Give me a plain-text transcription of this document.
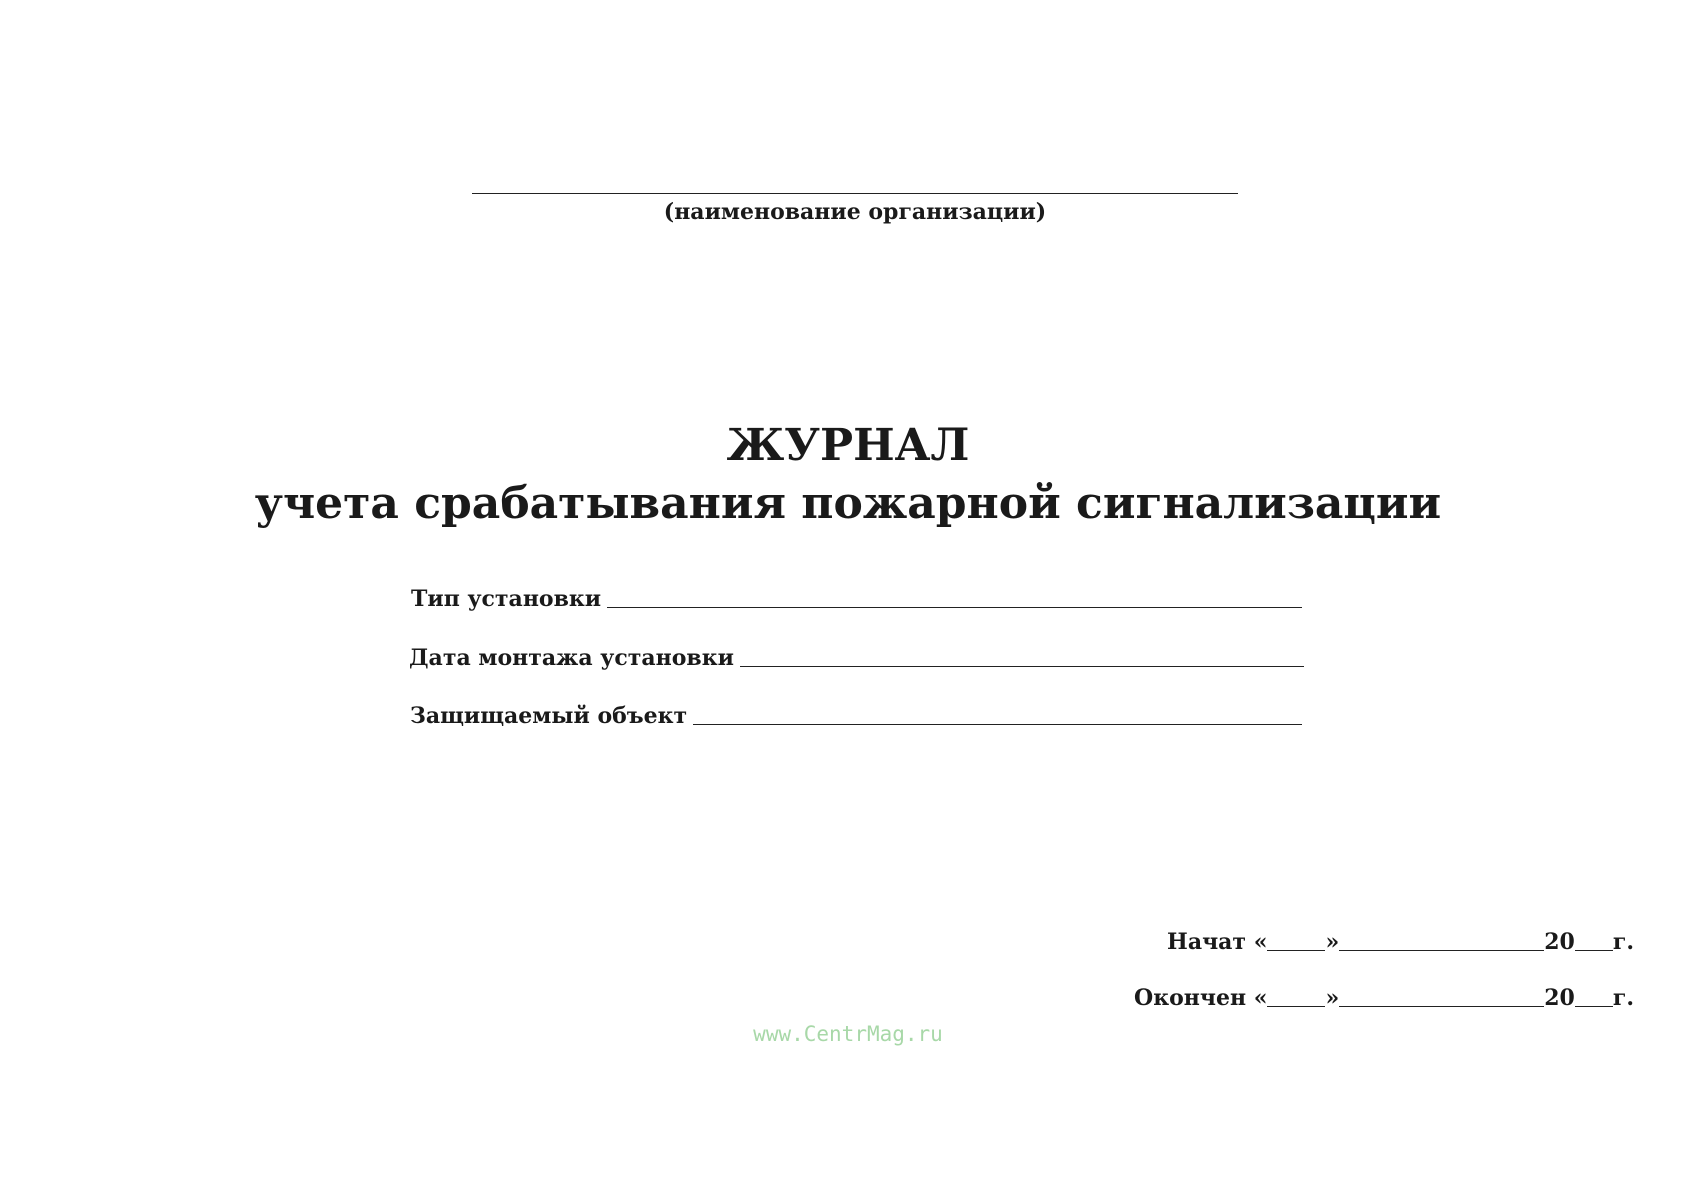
(наименование организации)
ЖУРНАЛ
учета срабатывания пожарной сигнализации
Тип установки
Дата монтажа установки
Защищаемый объект
Начат
«	»	20 г.
Окончен
«	»	20 г.
www.CentrMag.ru
